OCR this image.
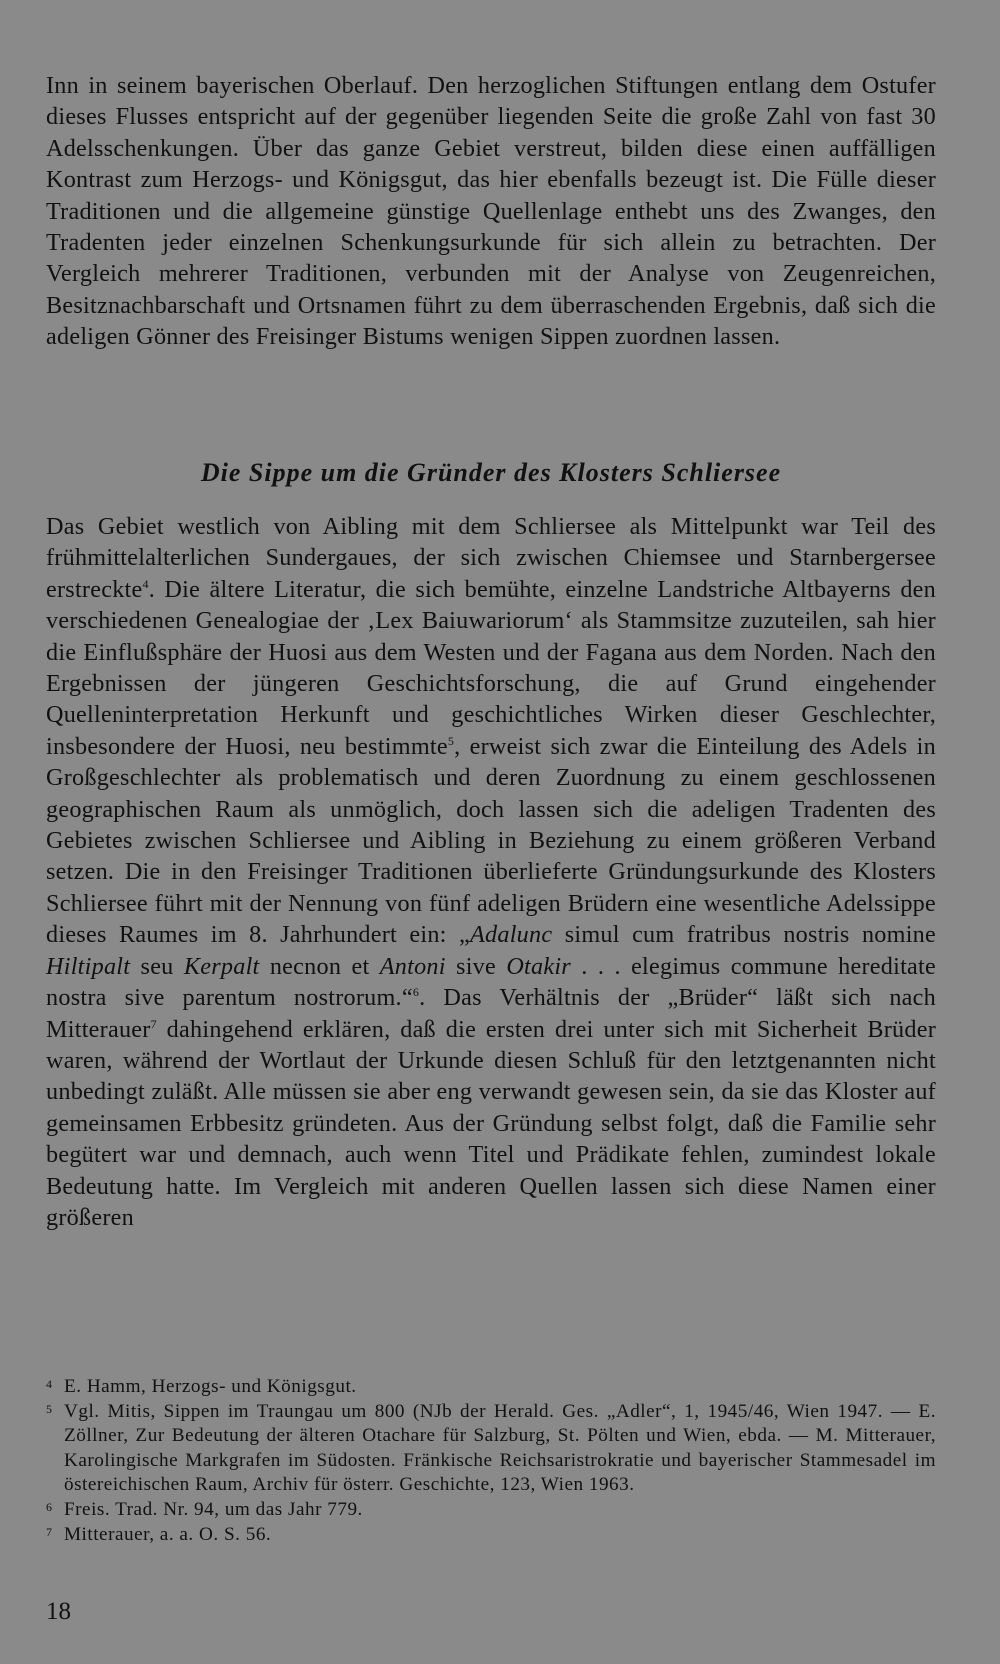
Inn in seinem bayerischen Oberlauf. Den herzoglichen Stiftungen entlang dem Ostufer dieses Flusses entspricht auf der gegenüber liegenden Seite die große Zahl von fast 30 Adelsschenkungen. Über das ganze Gebiet verstreut, bilden diese einen auffälligen Kontrast zum Herzogs- und Königsgut, das hier ebenfalls bezeugt ist. Die Fülle dieser Traditionen und die allgemeine günstige Quellenlage enthebt uns des Zwanges, den Tradenten jeder einzelnen Schenkungsurkunde für sich allein zu betrachten. Der Vergleich mehrerer Traditionen, verbunden mit der Analyse von Zeugenreichen, Besitznachbarschaft und Ortsnamen führt zu dem überraschenden Ergebnis, daß sich die adeligen Gönner des Freisinger Bistums wenigen Sippen zuordnen lassen.

Die Sippe um die Gründer des Klosters Schliersee

Das Gebiet westlich von Aibling mit dem Schliersee als Mittelpunkt war Teil des frühmittelalterlichen Sundergaues, der sich zwischen Chiemsee und Starnbergersee erstreckte$^4$. Die ältere Literatur, die sich bemühte, einzelne Landstriche Altbayerns den verschiedenen Genealogiae der ‚Lex Baiuwariorum‘ als Stammsitze zuzuteilen, sah hier die Einflußsphäre der Huosi aus dem Westen und der Fagana aus dem Norden. Nach den Ergebnissen der jüngeren Geschichtsforschung, die auf Grund eingehender Quelleninterpretation Herkunft und geschichtliches Wirken dieser Geschlechter, insbesondere der Huosi, neu bestimmte$^5$, erweist sich zwar die Einteilung des Adels in Großgeschlechter als problematisch und deren Zuordnung zu einem geschlossenen geographischen Raum als unmöglich, doch lassen sich die adeligen Tradenten des Gebietes zwischen Schliersee und Aibling in Beziehung zu einem größeren Verband setzen. Die in den Freisinger Traditionen überlieferte Gründungsurkunde des Klosters Schliersee führt mit der Nennung von fünf adeligen Brüdern eine wesentliche Adelssippe dieses Raumes im 8. Jahrhundert ein: „Adalunc simul cum fratribus nostris nomine Hiltipalt seu Kerpalt necnon et Antoni sive Otakir . . . elegimus commune hereditate nostra sive parentum nostrorum.“$^6$. Das Verhältnis der „Brüder“ läßt sich nach Mitterauer$^7$ dahingehend erklären, daß die ersten drei unter sich mit Sicherheit Brüder waren, während der Wortlaut der Urkunde diesen Schluß für den letztgenannten nicht unbedingt zuläßt. Alle müssen sie aber eng verwandt gewesen sein, da sie das Kloster auf gemeinsamen Erbbesitz gründeten. Aus der Gründung selbst folgt, daß die Familie sehr begütert war und demnach, auch wenn Titel und Prädikate fehlen, zumindest lokale Bedeutung hatte. Im Vergleich mit anderen Quellen lassen sich diese Namen einer größeren

4 E. Hamm, Herzogs- und Königsgut.
5 Vgl. Mitis, Sippen im Traungau um 800 (NJb der Herald. Ges. „Adler“, 1, 1945/46, Wien 1947. — E. Zöllner, Zur Bedeutung der älteren Otachare für Salzburg, St. Pölten und Wien, ebda. — M. Mitterauer, Karolingische Markgrafen im Südosten. Fränkische Reichsaristrokratie und bayerischer Stammesadel im östereichischen Raum, Archiv für österr. Geschichte, 123, Wien 1963.
6 Freis. Trad. Nr. 94, um das Jahr 779.
7 Mitterauer, a. a. O. S. 56.
18
